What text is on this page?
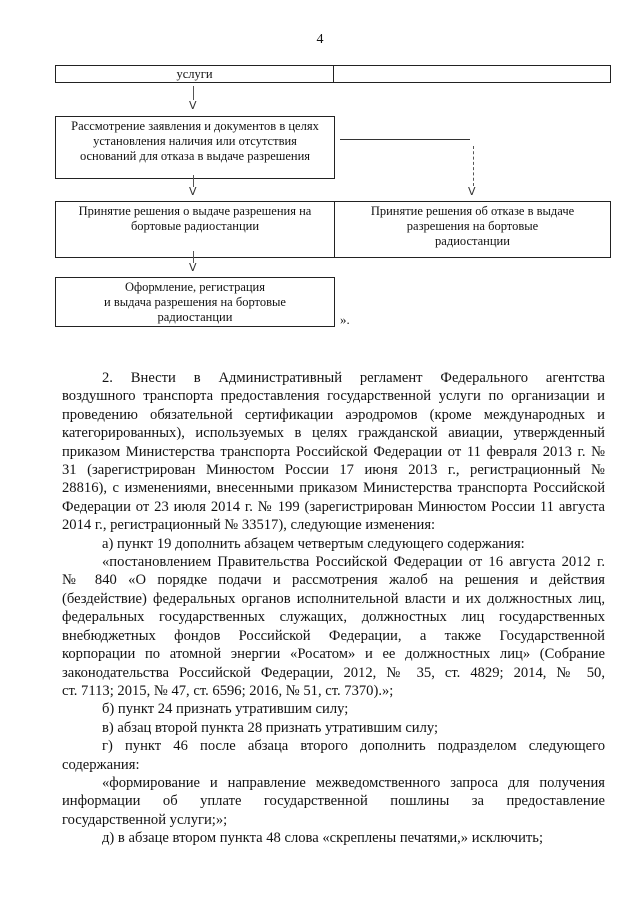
4
услуги
V
Рассмотрение заявления и документов в целях
установления наличия или отсутствия
оснований для отказа в выдаче разрешения
V
V
Принятие решения о выдаче разрешения на
бортовые радиостанции
Принятие решения об отказе в выдаче
разрешения на бортовые
радиостанции
V
Оформление, регистрация
и выдача разрешения на бортовые
радиостанции	».
2. Внести в Административный регламент Федерального агентства
воздушного транспорта предоставления государственной услуги по организации и
проведению обязательной сертификации аэродромов (кроме международных и
категорированных), используемых в целях гражданской авиации, утвержденный
приказом Министерства транспорта Российской Федерации от 11 февраля 2013 г. №
31 (зарегистрирован Минюстом России 17 июня 2013 г., регистрационный №
28816), с изменениями, внесенными приказом Министерства транспорта Российской
Федерации от 23 июля 2014 г. № 199 (зарегистрирован Минюстом России 11 августа
2014 г., регистрационный № 33517), следующие изменения:
а) пункт 19 дополнить абзацем четвертым следующего содержания:
«постановлением Правительства Российской Федерации от 16 августа 2012 г.
№ 840 «О порядке подачи и рассмотрения жалоб на решения и действия
(бездействие) федеральных органов исполнительной власти и их должностных лиц,
федеральных государственных служащих, должностных лиц государственных
внебюджетных фондов Российской Федерации, а также Государственной
корпорации по атомной энергии «Росатом» и ее должностных лиц» (Собрание
законодательства Российской Федерации, 2012, № 35, ст. 4829; 2014, № 50,
ст. 7113; 2015, № 47, ст. 6596; 2016, № 51, ст. 7370).»;
б) пункт 24 признать утратившим силу;
в) абзац второй пункта 28 признать утратившим силу;
г) пункт 46 после абзаца второго дополнить подразделом следующего
содержания:
«формирование и направление межведомственного запроса для получения
информации об уплате государственной пошлины за предоставление
государственной услуги;»;
д) в абзаце втором пункта 48 слова «скреплены печатями,» исключить;
